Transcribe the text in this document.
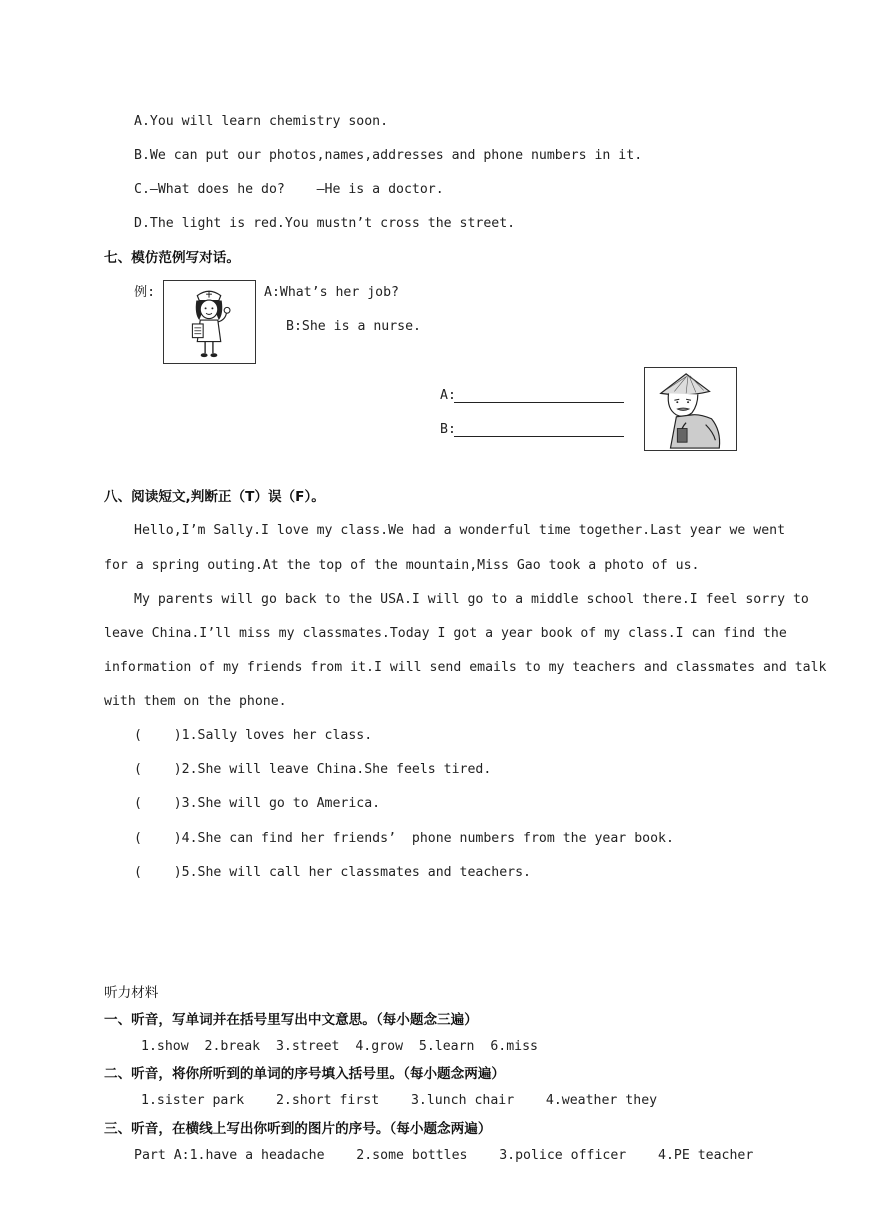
A.You will learn chemistry soon.
B.We can put our photos,names,addresses and phone numbers in it.
C.—What does he do?    —He is a doctor.
D.The light is red.You mustn’t cross the street.
七、模仿范例写对话。
例:	A:What’s her job?
B:She is a nurse.
A:
B:
八、阅读短文,判断正（T）误（F）。
Hello,I’m Sally.I love my class.We had a wonderful time together.Last year we went
for a spring outing.At the top of the mountain,Miss Gao took a photo of us.
My parents will go back to the USA.I will go to a middle school there.I feel sorry to
leave China.I’ll miss my classmates.Today I got a year book of my class.I can find the
information of my friends from it.I will send emails to my teachers and classmates and talk
with them on the phone.
(    )1.Sally loves her class.
(    )2.She will leave China.She feels tired.
(    )3.She will go to America.
(    )4.She can find her friends’  phone numbers from the year book.
(    )5.She will call her classmates and teachers.
听力材料
一、听音，写单词并在括号里写出中文意思。（每小题念三遍）
1.show  2.break  3.street  4.grow  5.learn  6.miss
二、听音，将你所听到的单词的序号填入括号里。（每小题念两遍）
1.sister park    2.short first    3.lunch chair    4.weather they
三、听音，在横线上写出你听到的图片的序号。（每小题念两遍）
Part A:1.have a headache    2.some bottles    3.police officer    4.PE teacher
